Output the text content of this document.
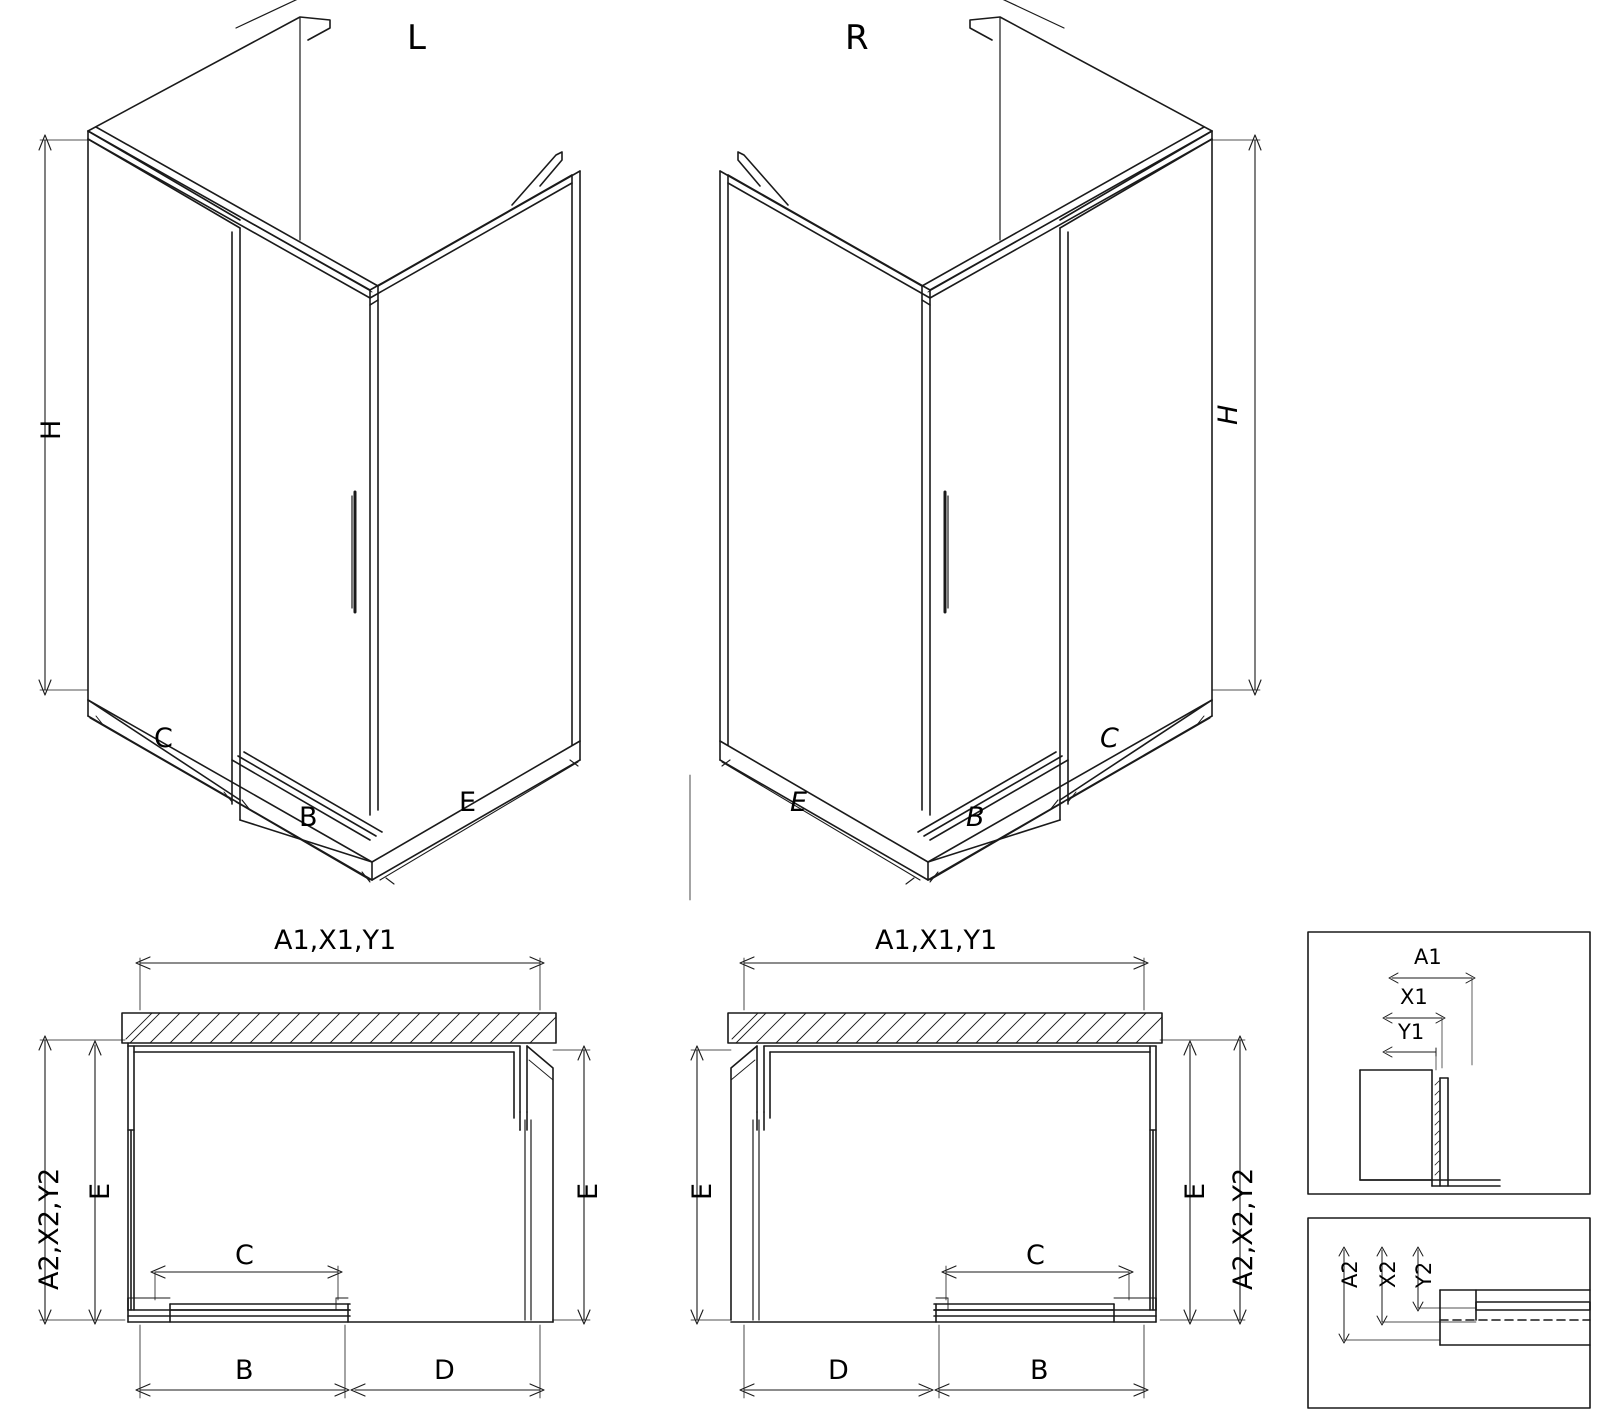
L	R
H
H
C
B	E
C
B
E
A1,X1,Y1
A2,X2,Y2 E	E
C
B	D
A1,X1,Y1
E	E A2,X2,Y2
C
B
D
A1
X1
Y1
A2 X2 Y2
